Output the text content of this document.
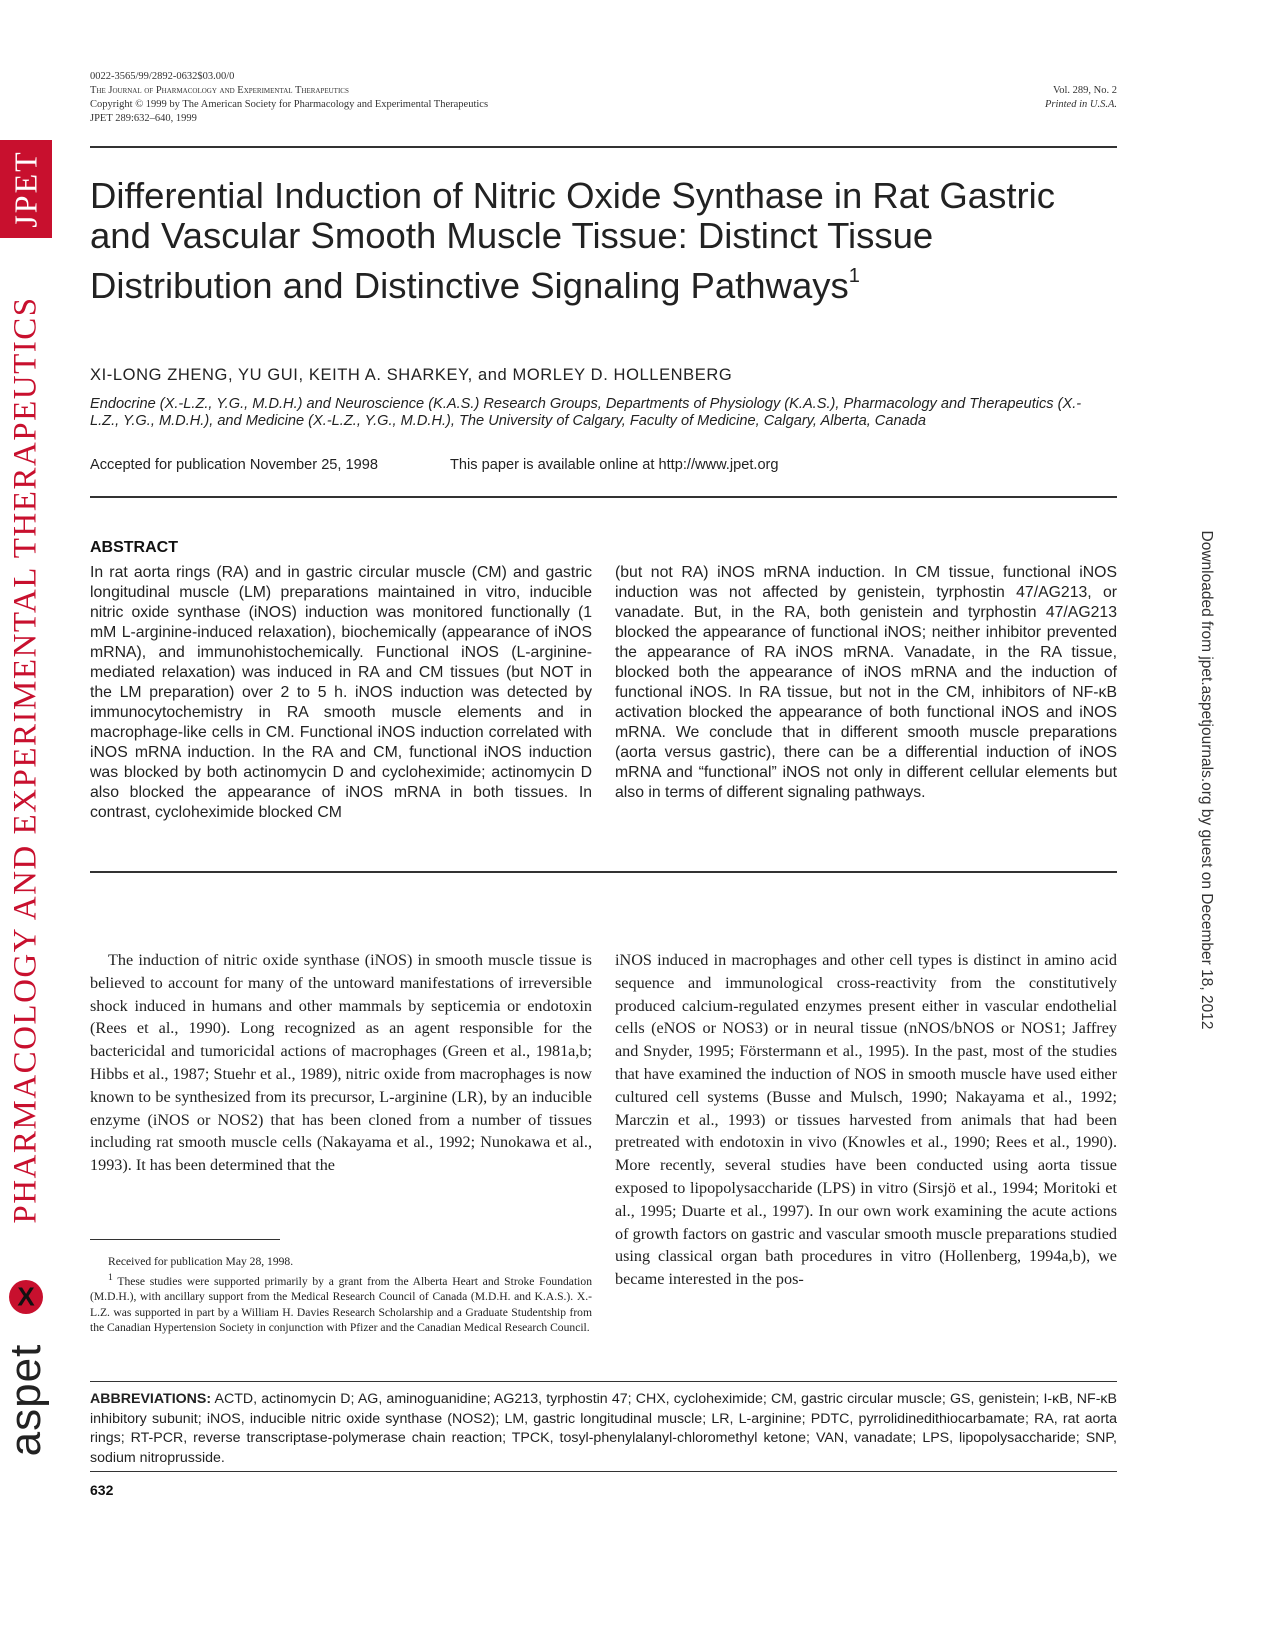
JPET
PHARMACOLOGY AND EXPERIMENTAL THERAPEUTICS
X
aspet
Downloaded from jpet.aspetjournals.org by guest on December 18, 2012
0022-3565/99/2892-0632$03.00/0
The Journal of Pharmacology and Experimental Therapeutics
Copyright © 1999 by The American Society for Pharmacology and Experimental Therapeutics
JPET 289:632–640, 1999
Vol. 289, No. 2
Printed in U.S.A.
Differential Induction of Nitric Oxide Synthase in Rat Gastric
and Vascular Smooth Muscle Tissue: Distinct Tissue
Distribution and Distinctive Signaling Pathways$^1$
XI-LONG ZHENG, YU GUI, KEITH A. SHARKEY, and MORLEY D. HOLLENBERG
Endocrine (X.-L.Z., Y.G., M.D.H.) and Neuroscience (K.A.S.) Research Groups, Departments of Physiology (K.A.S.), Pharmacology and Therapeutics (X.-L.Z., Y.G., M.D.H.), and Medicine (X.-L.Z., Y.G., M.D.H.), The University of Calgary, Faculty of Medicine, Calgary, Alberta, Canada
Accepted for publication November 25, 1998	This paper is available online at http://www.jpet.org
ABSTRACT
In rat aorta rings (RA) and in gastric circular muscle (CM) and gastric longitudinal muscle (LM) preparations maintained in vitro, inducible nitric oxide synthase (iNOS) induction was monitored functionally (1 mM L-arginine-induced relaxation), biochemically (appearance of iNOS mRNA), and immunohistochemically. Functional iNOS (L-arginine-mediated relaxation) was induced in RA and CM tissues (but NOT in the LM preparation) over 2 to 5 h. iNOS induction was detected by immunocytochemistry in RA smooth muscle elements and in macrophage-like cells in CM. Functional iNOS induction correlated with iNOS mRNA induction. In the RA and CM, functional iNOS induction was blocked by both actinomycin D and cycloheximide; actinomycin D also blocked the appearance of iNOS mRNA in both tissues. In contrast, cycloheximide blocked CM
(but not RA) iNOS mRNA induction. In CM tissue, functional iNOS induction was not affected by genistein, tyrphostin 47/AG213, or vanadate. But, in the RA, both genistein and tyrphostin 47/AG213 blocked the appearance of functional iNOS; neither inhibitor prevented the appearance of RA iNOS mRNA. Vanadate, in the RA tissue, blocked both the appearance of iNOS mRNA and the induction of functional iNOS. In RA tissue, but not in the CM, inhibitors of NF-κB activation blocked the appearance of both functional iNOS and iNOS mRNA. We conclude that in different smooth muscle preparations (aorta versus gastric), there can be a differential induction of iNOS mRNA and “functional” iNOS not only in different cellular elements but also in terms of different signaling pathways.
The induction of nitric oxide synthase (iNOS) in smooth muscle tissue is believed to account for many of the untoward manifestations of irreversible shock induced in humans and other mammals by septicemia or endotoxin (Rees et al., 1990). Long recognized as an agent responsible for the bactericidal and tumoricidal actions of macrophages (Green et al., 1981a,b; Hibbs et al., 1987; Stuehr et al., 1989), nitric oxide from macrophages is now known to be synthesized from its precursor, L-arginine (LR), by an inducible enzyme (iNOS or NOS2) that has been cloned from a number of tissues including rat smooth muscle cells (Nakayama et al., 1992; Nunokawa et al., 1993). It has been determined that the
iNOS induced in macrophages and other cell types is distinct in amino acid sequence and immunological cross-reactivity from the constitutively produced calcium-regulated enzymes present either in vascular endothelial cells (eNOS or NOS3) or in neural tissue (nNOS/bNOS or NOS1; Jaffrey and Snyder, 1995; Förstermann et al., 1995). In the past, most of the studies that have examined the induction of NOS in smooth muscle have used either cultured cell systems (Busse and Mulsch, 1990; Nakayama et al., 1992; Marczin et al., 1993) or tissues harvested from animals that had been pretreated with endotoxin in vivo (Knowles et al., 1990; Rees et al., 1990). More recently, several studies have been conducted using aorta tissue exposed to lipopolysaccharide (LPS) in vitro (Sirsjö et al., 1994; Moritoki et al., 1995; Duarte et al., 1997). In our own work examining the acute actions of growth factors on gastric and vascular smooth muscle preparations studied using classical organ bath procedures in vitro (Hollenberg, 1994a,b), we became interested in the pos-

Received for publication May 28, 1998.

$^1$ These studies were supported primarily by a grant from the Alberta Heart and Stroke Foundation (M.D.H.), with ancillary support from the Medical Research Council of Canada (M.D.H. and K.A.S.). X.-L.Z. was supported in part by a William H. Davies Research Scholarship and a Graduate Studentship from the Canadian Hypertension Society in conjunction with Pfizer and the Canadian Medical Research Council.

ABBREVIATIONS: ACTD, actinomycin D; AG, aminoguanidine; AG213, tyrphostin 47; CHX, cycloheximide; CM, gastric circular muscle; GS, genistein; I-κB, NF-κB inhibitory subunit; iNOS, inducible nitric oxide synthase (NOS2); LM, gastric longitudinal muscle; LR, L-arginine; PDTC, pyrrolidinedithiocarbamate; RA, rat aorta rings; RT-PCR, reverse transcriptase-polymerase chain reaction; TPCK, tosyl-phenylalanyl-chloromethyl ketone; VAN, vanadate; LPS, lipopolysaccharide; SNP, sodium nitroprusside.
632
